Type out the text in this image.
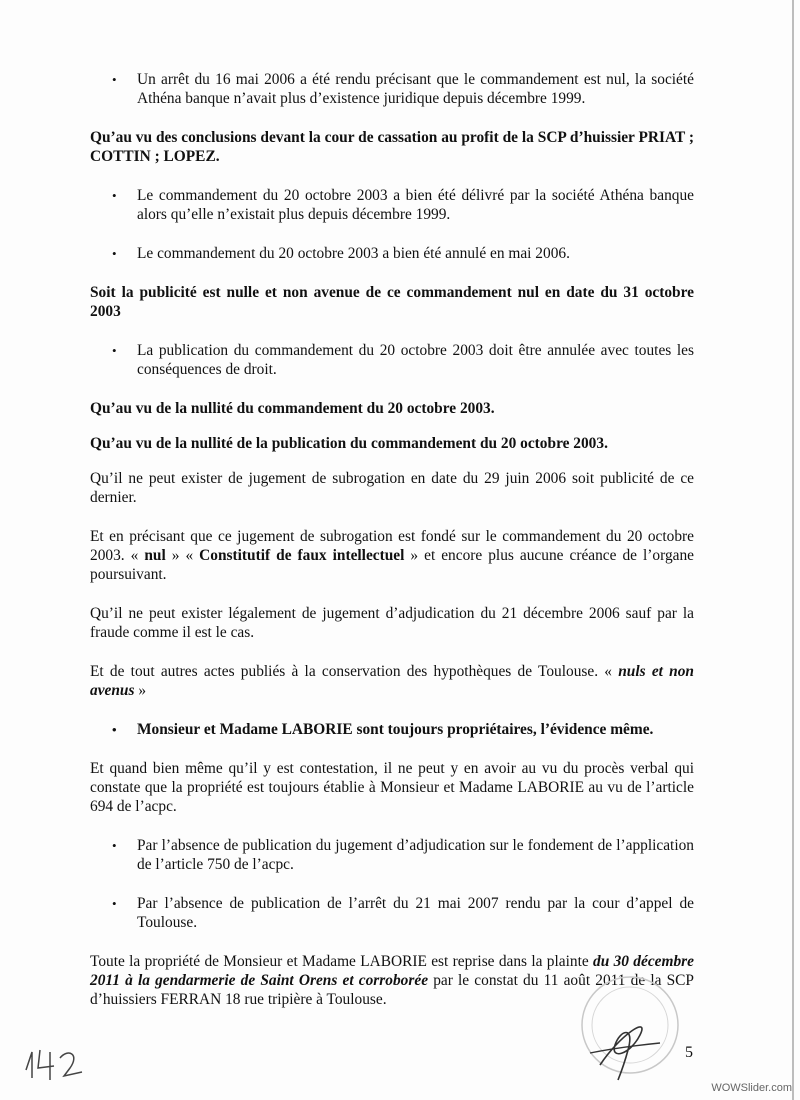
• Un arrêt du 16 mai 2006 a été rendu précisant que le commandement est nul, la société Athéna banque n’avait plus d’existence juridique depuis décembre 1999.

Qu’au vu des conclusions devant la cour de cassation au profit de la SCP d’huissier PRIAT ; COTTIN ; LOPEZ.

• Le commandement du 20 octobre 2003 a bien été délivré par la société Athéna banque alors qu’elle n’existait plus depuis décembre 1999.
• Le commandement du 20 octobre 2003 a bien été annulé en mai 2006.

Soit la publicité est nulle et non avenue de ce commandement nul en date du 31 octobre 2003

• La publication du commandement du 20 octobre 2003 doit être annulée avec toutes les conséquences de droit.

Qu’au vu de la nullité du commandement du 20 octobre 2003.

Qu’au vu de la nullité de la publication du commandement du 20 octobre 2003.

Qu’il ne peut exister de jugement de subrogation en date du 29 juin 2006 soit publicité de ce dernier.

Et en précisant que ce jugement de subrogation est fondé sur le commandement du 20 octobre 2003. « nul » « Constitutif de faux intellectuel » et encore plus aucune créance de l’organe poursuivant.

Qu’il ne peut exister légalement de jugement d’adjudication du 21 décembre 2006 sauf par la fraude comme il est le cas.

Et de tout autres actes publiés à la conservation des hypothèques de Toulouse. « nuls et non avenus »

• Monsieur et Madame LABORIE sont toujours propriétaires, l’évidence même.

Et quand bien même qu’il y est contestation, il ne peut y en avoir au vu du procès verbal qui constate que la propriété est toujours établie à Monsieur et Madame LABORIE au vu de l’article 694 de l’acpc.

• Par l’absence de publication du jugement d’adjudication sur le fondement de l’application de l’article 750 de l’acpc.
• Par l’absence de publication de l’arrêt du 21 mai 2007 rendu par la cour d’appel de Toulouse.

Toute la propriété de Monsieur et Madame LABORIE est reprise dans la plainte du 30 décembre 2011 à la gendarmerie de Saint Orens et corroborée par le constat du 11 août 2011 de la SCP d’huissiers FERRAN 18 rue tripière à Toulouse.

5
WOWSlider.com
